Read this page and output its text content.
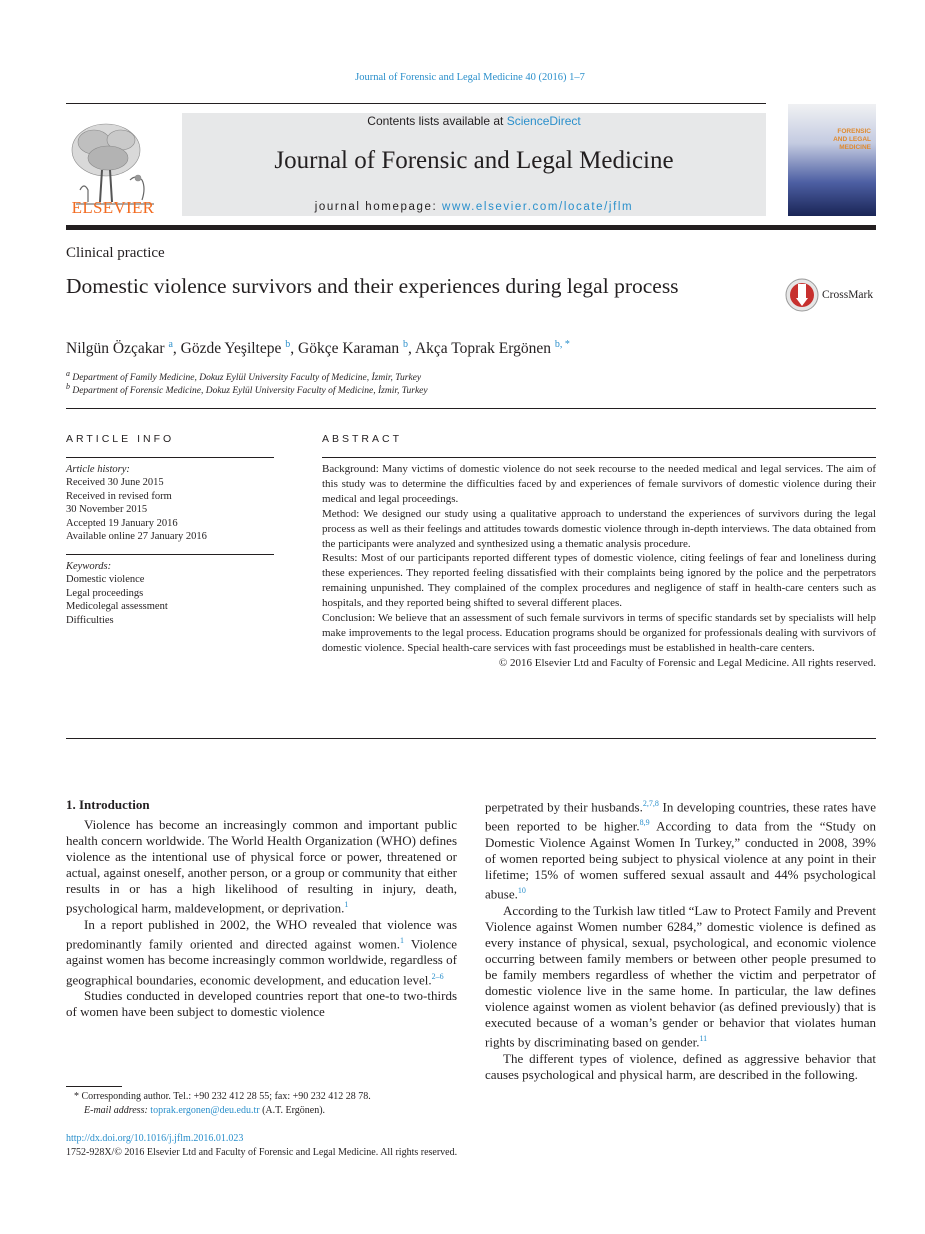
Journal of Forensic and Legal Medicine 40 (2016) 1–7
ELSEVIER
Contents lists available at ScienceDirect
Journal of Forensic and Legal Medicine
journal homepage: www.elsevier.com/locate/jflm
FORENSIC
AND LEGAL
MEDICINE
Clinical practice
Domestic violence survivors and their experiences during legal process	CrossMark
Nilgün Özçakar $^a$, Gözde Yeşiltepe $^b$, Gökçe Karaman $^b$, Akça Toprak Ergönen $^{b, *}$
$^a$ Department of Family Medicine, Dokuz Eylül University Faculty of Medicine, İzmir, Turkey
$^b$ Department of Forensic Medicine, Dokuz Eylül University Faculty of Medicine, İzmir, Turkey
ARTICLE INFO
Article history:
Received 30 June 2015
Received in revised form
30 November 2015
Accepted 19 January 2016
Available online 27 January 2016
Keywords:
Domestic violence
Legal proceedings
Medicolegal assessment
Difficulties
ABSTRACT

Background: Many victims of domestic violence do not seek recourse to the needed medical and legal services. The aim of this study was to determine the difficulties faced by and experiences of female survivors of domestic violence during their medical and legal proceedings.

Method: We designed our study using a qualitative approach to understand the experiences of survivors during the legal process as well as their feelings and attitudes towards domestic violence through in-depth interviews. The data obtained from the participants were analyzed and synthesized using a thematic analysis procedure.

Results: Most of our participants reported different types of domestic violence, citing feelings of fear and loneliness during these experiences. They reported feeling dissatisfied with their complaints being ignored by the police and the perpetrators remaining unpunished. They complained of the complex procedures and negligence of staff in health-care centers such as hospitals, and they reported being shifted to several different places.

Conclusion: We believe that an assessment of such female survivors in terms of specific standards set by specialists will help make improvements to the legal process. Education programs should be organized for professionals dealing with survivors of domestic violence. Special health-care services with fast proceedings must be established in health-care centers.

© 2016 Elsevier Ltd and Faculty of Forensic and Legal Medicine. All rights reserved.

1. Introduction

Violence has become an increasingly common and important public health concern worldwide. The World Health Organization (WHO) defines violence as the intentional use of physical force or power, threatened or actual, against oneself, another person, or a group or community that either results in or has a high likelihood of resulting in injury, death, psychological harm, maldevelopment, or deprivation.$^1$

In a report published in 2002, the WHO revealed that violence was predominantly family oriented and directed against women.$^1$ Violence against women has become increasingly common worldwide, regardless of geographical boundaries, economic development, and education level.$^{2-6}$

Studies conducted in developed countries report that one-to two-thirds of women have been subject to domestic violence

perpetrated by their husbands.$^{2,7,8}$ In developing countries, these rates have been reported to be higher.$^{8,9}$ According to data from the “Study on Domestic Violence Against Women In Turkey,” conducted in 2008, 39% of women reported being subject to physical violence at any point in their lifetime; 15% of women suffered sexual assault and 44% psychological abuse.$^{10}$

According to the Turkish law titled “Law to Protect Family and Prevent Violence against Women number 6284,” domestic violence is defined as every instance of physical, sexual, psychological, and economic violence occurring between family members or between other people presumed to be family members regardless of whether the victim and perpetrator of domestic violence live in the same home. In particular, the law defines violence against women as violent behavior (as defined previously) that is executed because of a woman’s gender or behavior that violates human rights by discriminating based on gender.$^{11}$

The different types of violence, defined as aggressive behavior that causes psychological and physical harm, are described in the following.

* Corresponding author. Tel.: +90 232 412 28 55; fax: +90 232 412 28 78.
E-mail address: toprak.ergonen@deu.edu.tr (A.T. Ergönen).
http://dx.doi.org/10.1016/j.jflm.2016.01.023
1752-928X/© 2016 Elsevier Ltd and Faculty of Forensic and Legal Medicine. All rights reserved.
